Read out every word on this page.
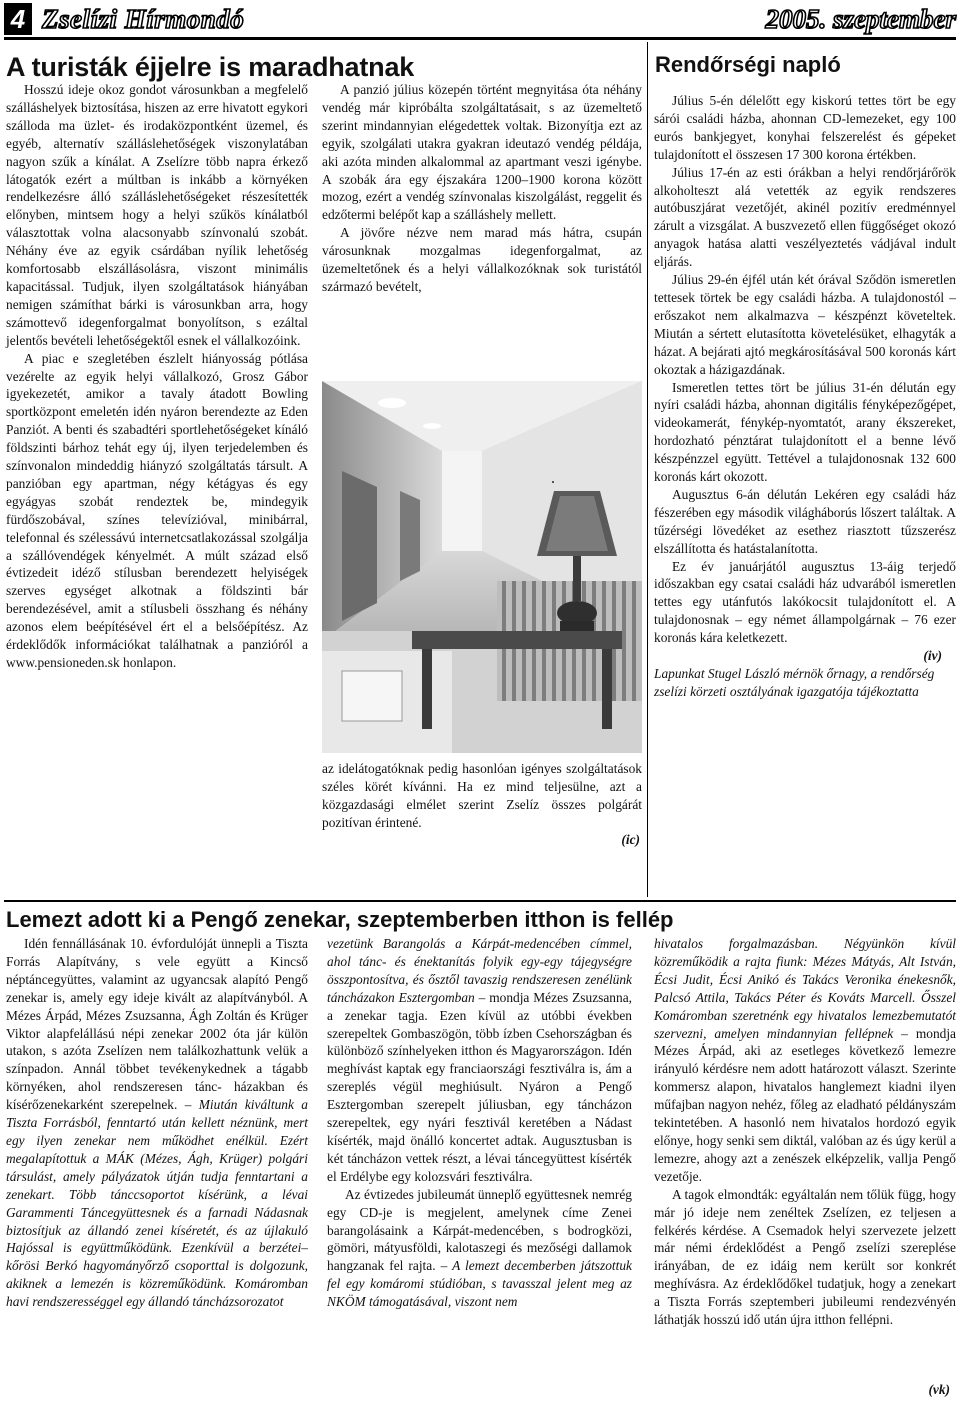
4 Zselízi Hírmondó	2005. szeptember
A turisták éjjelre is maradhatnak

Hosszú ideje okoz gondot városunkban a megfelelő szálláshelyek biztosítása, hiszen az erre hivatott egykori szálloda ma üzlet- és irodaközpontként üzemel, és egyéb, alternatív szálláslehetőségek viszonylatában nagyon szűk a kínálat. A Zselízre több napra érkező látogatók ezért a múltban is inkább a környéken rendelkezésre álló szálláslehetőségeket részesítették előnyben, mintsem hogy a helyi szűkös kínálatból választottak volna alacsonyabb színvonalú szobát. Néhány éve az egyik csárdában nyílik lehetőség komfortosabb elszállásolásra, viszont minimális kapacitással. Tudjuk, ilyen szolgáltatások hiányában nemigen számíthat bárki is városunkban arra, hogy számottevő idegenforgalmat bonyolítson, s ezáltal jelentős bevételi lehetőségektől esnek el vállalkozóink.

A piac e szegletében észlelt hiányosság pótlása vezérelte az egyik helyi vállalkozó, Grosz Gábor igyekezetét, amikor a tavaly átadott Bowling sportközpont emeletén idén nyáron berendezte az Eden Panziót. A benti és szabadtéri sportlehetőségeket kínáló földszinti bárhoz tehát egy új, ilyen terjedelemben és színvonalon mindeddig hiányzó szolgáltatás társult. A panzióban egy apartman, négy kétágyas és egy egyágyas szobát rendeztek be, mindegyik fürdőszobával, színes televízióval, minibárral, telefonnal és szélessávú internetcsatlakozással szolgálja a szállóvendégek kényelmét. A múlt század első évtizedeit idéző stílusban berendezett helyiségek szerves egységet alkotnak a földszinti bár berendezésével, amit a stílusbeli összhang és néhány azonos elem beépítésével ért el a belsőépítész. Az érdeklődők információkat találhatnak a panzióról a www.pensioneden.sk honlapon.

A panzió július közepén történt megnyitása óta néhány vendég már kipróbálta szolgáltatásait, s az üzemeltető szerint mindannyian elégedettek voltak. Bizonyítja ezt az egyik, szolgálati utakra gyakran ideutazó vendég példája, aki azóta minden alkalommal az apartmant veszi igénybe. A szobák ára egy éjszakára 1200–1900 korona között mozog, ezért a vendég színvonalas kiszolgálást, reggelit és edzőtermi belépőt kap a szálláshely mellett.

A jövőre nézve nem marad más hátra, csupán városunknak mozgalmas idegenforgalmat, az üzemeltetőnek és a helyi vállalkozóknak sok turistától származó bevételt,

az idelátogatóknak pedig hasonlóan igényes szolgáltatások széles körét kívánni. Ha ez mind teljesülne, azt a közgazdasági elmélet szerint Zselíz összes polgárát pozitívan érintené.

(ic)
Rendőrségi napló

Július 5-én délelőtt egy kiskorú tettes tört be egy sárói családi házba, ahonnan CD-lemezeket, egy 100 eurós bankjegyet, konyhai felszerelést és gépeket tulajdonított el összesen 17 300 korona értékben.

Július 17-én az esti órákban a helyi rendőrjárőrök alkoholteszt alá vetették az egyik rendszeres autóbuszjárat vezetőjét, akinél pozitív eredménnyel zárult a vizsgálat. A buszvezető ellen függőséget okozó anyagok hatása alatti veszélyeztetés vádjával indult eljárás.

Július 29-én éjfél után két órával Sződön ismeretlen tettesek törtek be egy családi házba. A tulajdonostól – erőszakot nem alkalmazva – készpénzt követeltek. Miután a sértett elutasította követelésüket, elhagyták a házat. A bejárati ajtó megkárosításával 500 koronás kárt okoztak a házigazdának.

Ismeretlen tettes tört be július 31-én délután egy nyíri családi házba, ahonnan digitális fényképezőgépet, videokamerát, fénykép-nyomtatót, arany ékszereket, hordozható pénztárat tulajdonított el a benne lévő készpénzzel együtt. Tettével a tulajdonosnak 132 600 koronás kárt okozott.

Augusztus 6-án délután Lekéren egy családi ház fészerében egy második világháborús lőszert találtak. A tűzérségi lövedéket az esethez riasztott tűzszerész elszállította és hatástalanította.

Ez év januárjától augusztus 13-áig terjedő időszakban egy csatai családi ház udvarából ismeretlen tettes egy utánfutós lakókocsit tulajdonított el. A tulajdonosnak – egy német állampolgárnak – 76 ezer koronás kára keletkezett.

(iv)

Lapunkat Stugel László mérnök őrnagy, a rendőrség zselízi körzeti osztályának igazgatója tájékoztatta

Lemezt adott ki a Pengő zenekar, szeptemberben itthon is fellép

Idén fennállásának 10. évfordulóját ünnepli a Tiszta Forrás Alapítvány, s vele együtt a Kincső néptáncegyüttes, valamint az ugyancsak alapító Pengő zenekar is, amely egy ideje kivált az alapítványból. A Mézes Árpád, Mézes Zsuzsanna, Ágh Zoltán és Krüger Viktor alapfelállású népi zenekar 2002 óta jár külön utakon, s azóta Zselízen nem találkozhattunk velük a színpadon. Annál többet tevékenykednek a tágabb környéken, ahol rendszeresen tánc- házakban és kísérőzenekarként szerepelnek. – Miután kiváltunk a Tiszta Forrásból, fenntartó után kellett néznünk, mert egy ilyen zenekar nem működhet enélkül. Ezért megalapítottuk a MÁK (Mézes, Ágh, Krüger) polgári társulást, amely pályázatok útján tudja fenntartani a zenekart. Több tánccsoportot kísérünk, a lévai Garammenti Táncegyüttesnek és a farnadi Nádasnak biztosítjuk az állandó zenei kíséretét, és az újlakuló Hajóssal is együttműködünk. Ezenkívül a berzétei–kőrösi Berkó hagyományőrző csoporttal is dolgozunk, akiknek a lemezén is közreműködünk. Komáromban havi rendszerességgel egy állandó táncházsorozatot

vezetünk Barangolás a Kárpát-medencében címmel, ahol tánc- és énektanítás folyik egy-egy tájegységre összpontosítva, és ősztől tavaszig rendszeresen zenélünk táncházakon Esztergomban – mondja Mézes Zsuzsanna, a zenekar tagja. Ezen kívül az utóbbi években szerepeltek Gombaszögön, több ízben Csehországban és különböző színhelyeken itthon és Magyarországon. Idén meghívást kaptak egy franciaországi fesztiválra is, ám a szereplés végül meghiúsult. Nyáron a Pengő Esztergomban szerepelt júliusban, egy táncházon szerepeltek, egy nyári fesztivál keretében a Nádast kísérték, majd önálló koncertet adtak. Augusztusban is két táncházon vettek részt, a lévai táncegyüttest kísérték el Erdélybe egy kolozsvári fesztiválra.

Az évtizedes jubileumát ünneplő együttesnek nemrég egy CD-je is megjelent, amelynek címe Zenei barangolásaink a Kárpát-medencében, s bodrogközi, gömöri, mátyusföldi, kalotaszegi és mezőségi dallamok hangzanak fel rajta. – A lemezt decemberben játszottuk fel egy komáromi stúdióban, s tavasszal jelent meg az NKÖM támogatásával, viszont nem

hivatalos forgalmazásban. Négyünkön kívül közreműködik a rajta fiunk: Mézes Mátyás, Alt István, Écsi Judit, Écsi Anikó és Takács Veronika énekesnők, Palcsó Attila, Takács Péter és Kováts Marcell. Ősszel Komáromban szeretnénk egy hivatalos lemezbemutatót szervezni, amelyen mindannyian fellépnek – mondja Mézes Árpád, aki az esetleges következő lemezre irányuló kérdésre nem adott határozott választ. Szerinte kommersz alapon, hivatalos hanglemezt kiadni ilyen műfajban nagyon nehéz, főleg az eladható példányszám tekintetében. A hasonló nem hivatalos hordozó egyik előnye, hogy senki sem diktál, valóban az és úgy kerül a lemezre, ahogy azt a zenészek elképzelik, vallja Pengő vezetője.

A tagok elmondták: egyáltalán nem tőlük függ, hogy már jó ideje nem zenéltek Zselízen, ez teljesen a felkérés kérdése. A Csemadok helyi szervezete jelzett már némi érdeklődést a Pengő zselízi szereplése irányában, de ez idáig nem került sor konkrét meghívásra. Az érdeklődőkel tudatjuk, hogy a zenekart a Tiszta Forrás szeptemberi jubileumi rendezvényén láthatják hosszú idő után újra itthon fellépni.

(vk)
